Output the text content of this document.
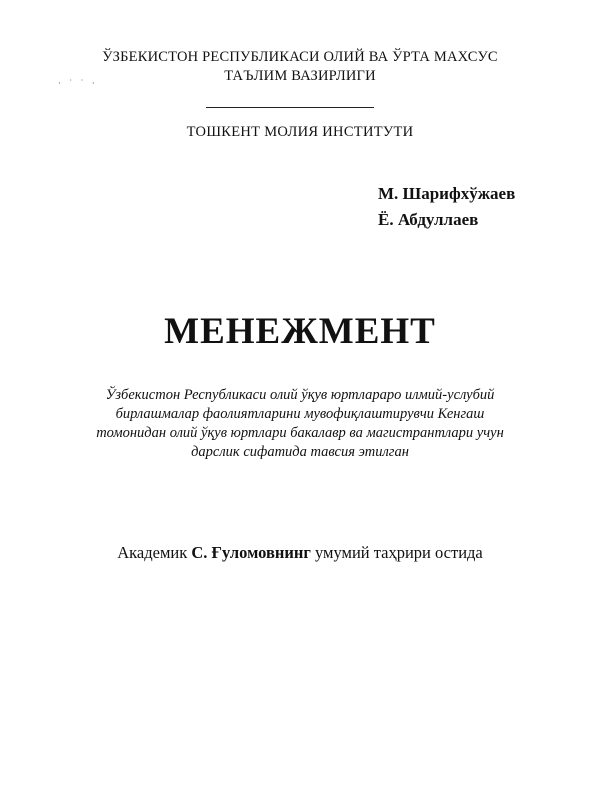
ЎЗБЕКИСТОН РЕСПУБЛИКАСИ ОЛИЙ ВА ЎРТА МАХСУС
ТАЪЛИМ ВАЗИРЛИГИ
· ˙ ˙ ·
ТОШКЕНТ МОЛИЯ ИНСТИТУТИ
М. Шарифхўжаев
Ё. Абдуллаев
МЕНЕЖМЕНТ
Ўзбекистон Республикаси олий ўқув юртлараро илмий-услубий
бирлашмалар фаолиятларини мувофиқлаштирувчи Кенгаш
томонидан олий ўқув юртлари бакалавр ва магистрантлари учун
дарслик сифатида тавсия этилган
Академик С. Ғуломовнинг умумий таҳрири остида
